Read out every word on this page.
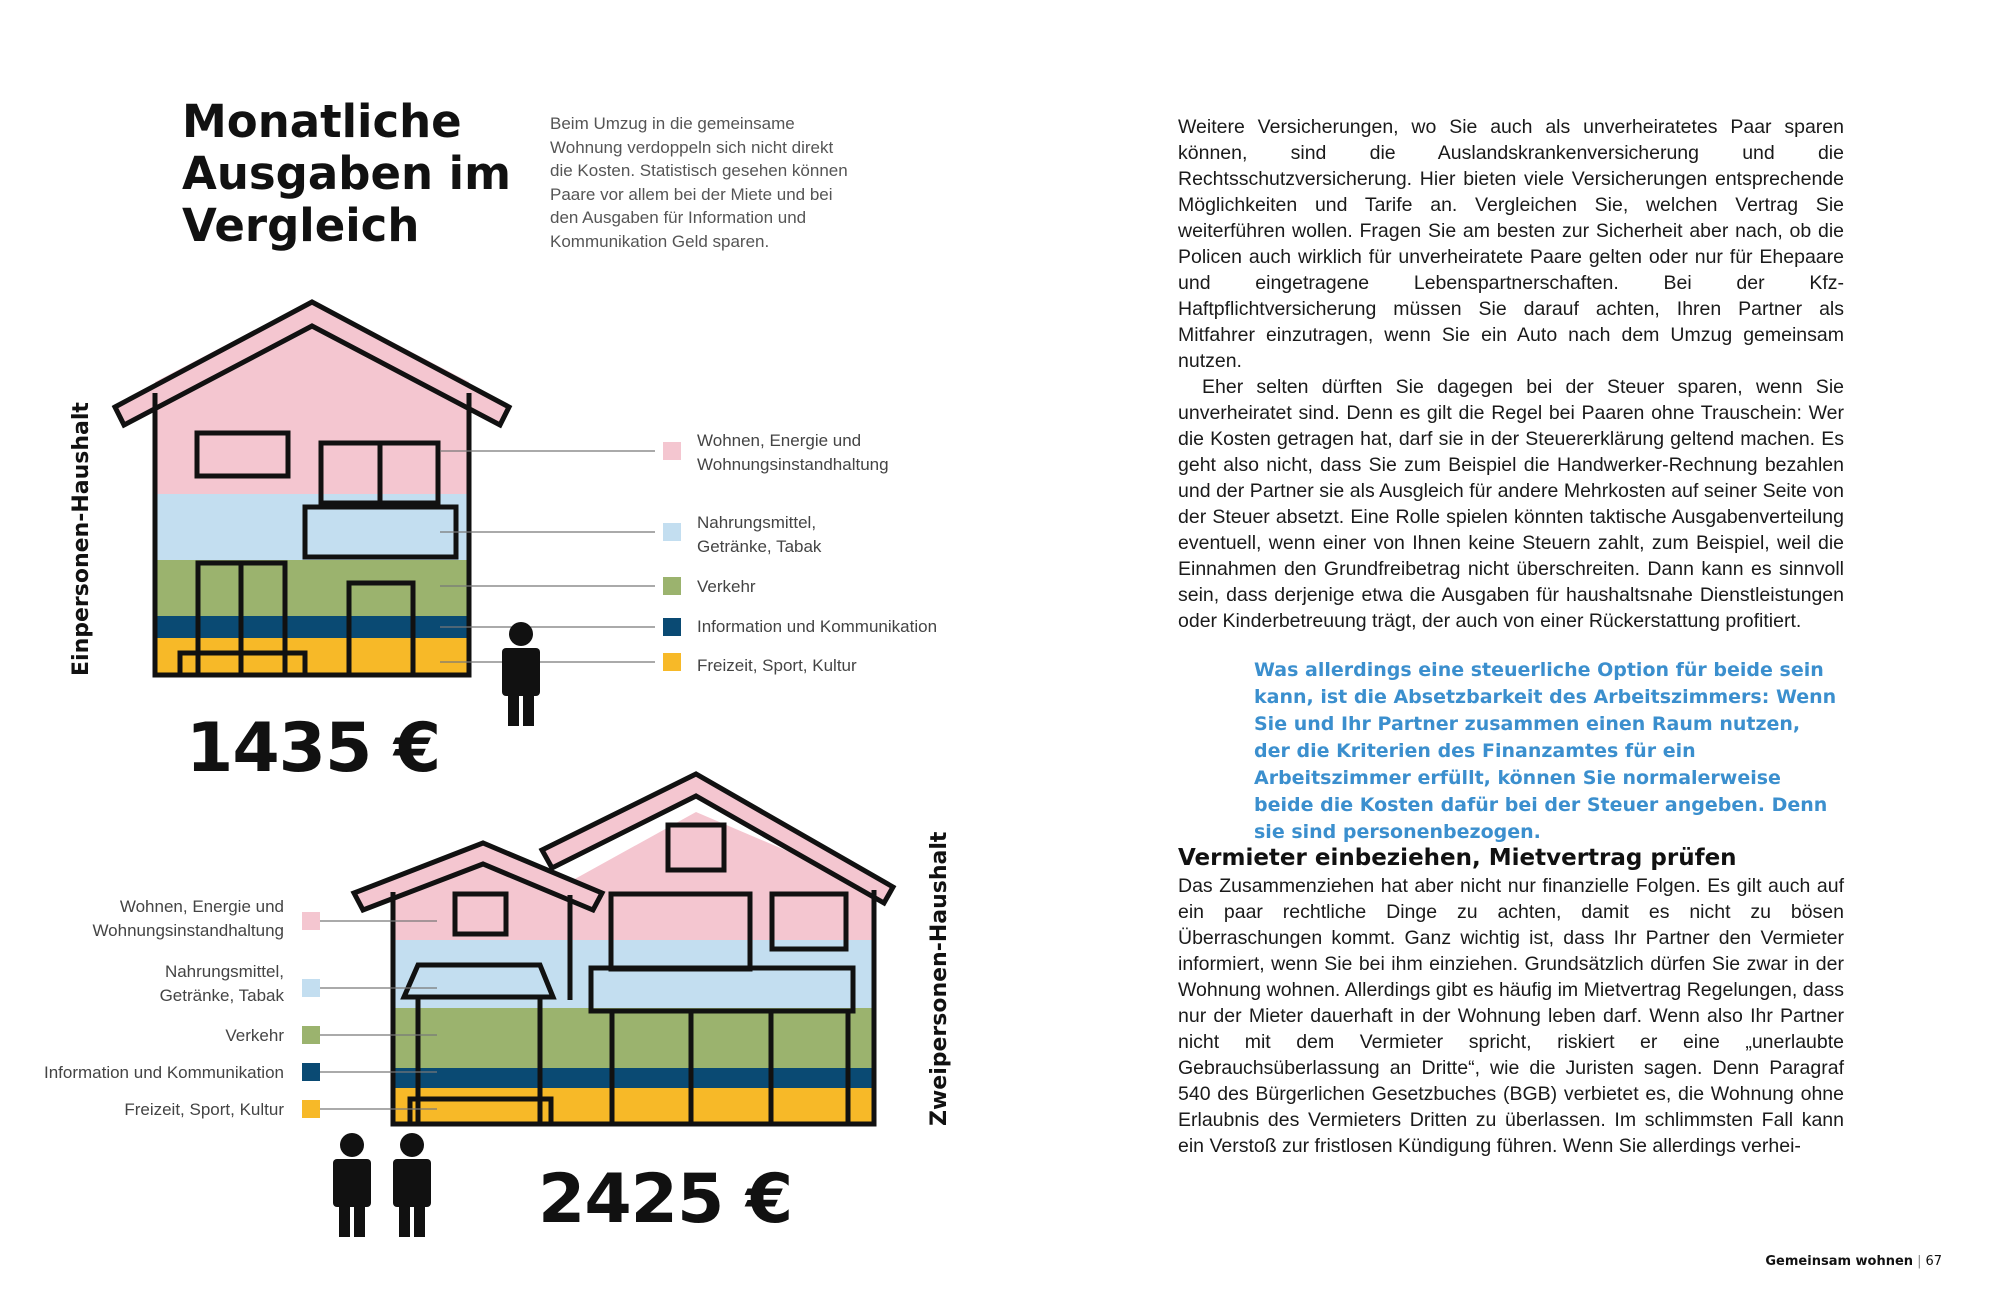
Monatliche
Ausgaben im
Vergleich
Beim Umzug in die gemeinsame
Wohnung verdoppeln sich nicht direkt
die Kosten. Statistisch gesehen können
Paare vor allem bei der Miete und bei
den Ausgaben für Information und
Kommunikation Geld sparen.
Wohnen, Energie und
Wohnungsinstandhaltung
Nahrungsmittel,
Getränke, Tabak
Verkehr
Information und Kommunikation
Freizeit, Sport, Kultur
Einpersonen-Haushalt
1435 €
Wohnen, Energie und
Wohnungsinstandhaltung
Nahrungsmittel,
Getränke, Tabak
Verkehr
Information und Kommunikation
Freizeit, Sport, Kultur	Zweipersonen-Haushalt
2425 €

Weitere Versicherungen, wo Sie auch als unverheiratetes Paar sparen können, sind die Auslandskrankenversicherung und die Rechtsschutzversicherung. Hier bieten viele Versicherungen entsprechende Möglichkeiten und Tarife an. Vergleichen Sie, welchen Vertrag Sie weiterführen wollen. Fragen Sie am besten zur Sicherheit aber nach, ob die Policen auch wirklich für unverheiratete Paare gelten oder nur für Ehepaare und eingetragene Lebenspartnerschaften. Bei der Kfz-Haftpflichtversicherung müssen Sie darauf achten, Ihren Partner als Mitfahrer einzutragen, wenn Sie ein Auto nach dem Umzug gemeinsam nutzen.

Eher selten dürften Sie dagegen bei der Steuer sparen, wenn Sie unverheiratet sind. Denn es gilt die Regel bei Paaren ohne Trauschein: Wer die Kosten getragen hat, darf sie in der Steuererklärung geltend machen. Es geht also nicht, dass Sie zum Beispiel die Handwerker-Rechnung bezahlen und der Partner sie als Ausgleich für andere Mehrkosten auf seiner Seite von der Steuer absetzt. Eine Rolle spielen könnten taktische Ausgabenverteilung eventuell, wenn einer von Ihnen keine Steuern zahlt, zum Beispiel, weil die Einnahmen den Grundfreibetrag nicht überschreiten. Dann kann es sinnvoll sein, dass derjenige etwa die Ausgaben für haushaltsnahe Dienstleistungen oder Kinderbetreuung trägt, der auch von einer Rückerstattung profitiert.

Was allerdings eine steuerliche Option für beide sein kann, ist die Absetzbarkeit des Arbeitszimmers: Wenn Sie und Ihr Partner zusammen einen Raum nutzen, der die Kriterien des Finanzamtes für ein Arbeitszimmer erfüllt, können Sie normalerweise beide die Kosten dafür bei der Steuer angeben. Denn sie sind personenbezogen.
Vermieter einbeziehen, Mietvertrag prüfen

Das Zusammenziehen hat aber nicht nur finanzielle Folgen. Es gilt auch auf ein paar rechtliche Dinge zu achten, damit es nicht zu bösen Überraschungen kommt. Ganz wichtig ist, dass Ihr Partner den Vermieter informiert, wenn Sie bei ihm einziehen. Grundsätzlich dürfen Sie zwar in der Wohnung wohnen. Allerdings gibt es häufig im Mietvertrag Regelungen, dass nur der Mieter dauerhaft in der Wohnung leben darf. Wenn also Ihr Partner nicht mit dem Vermieter spricht, riskiert er eine „unerlaubte Gebrauchsüberlassung an Dritte“, wie die Juristen sagen. Denn Paragraf 540 des Bürgerlichen Gesetzbuches (BGB) verbietet es, die Wohnung ohne Erlaubnis des Vermieters Dritten zu überlassen. Im schlimmsten Fall kann ein Verstoß zur fristlosen Kündigung führen. Wenn Sie allerdings verhei-

Gemeinsam wohnen | 67
